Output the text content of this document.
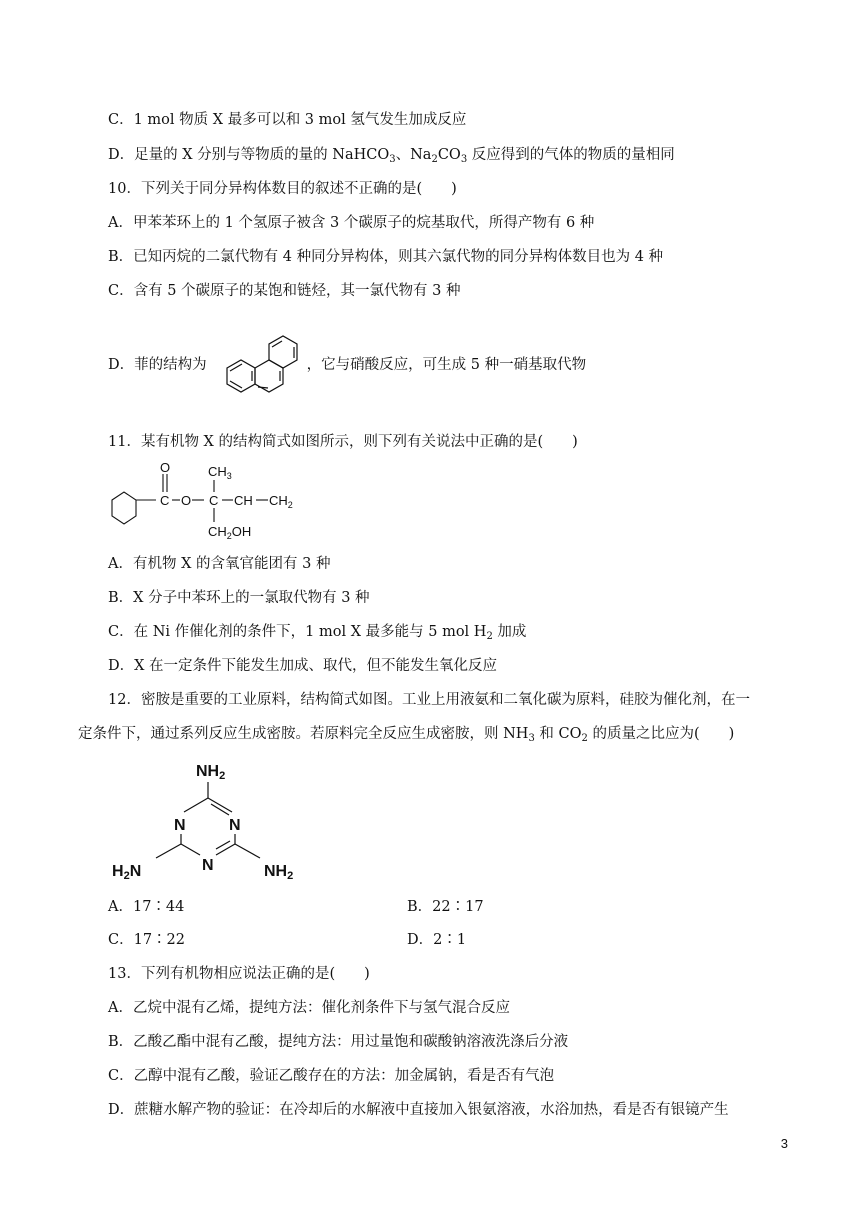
C．1 mol 物质 X 最多可以和 3 mol 氢气发生加成反应
D．足量的 X 分别与等物质的量的 NaHCO$_3$、$Na_2CO_3$ 反应得到的气体的物质的量相同
10．下列关于同分异构体数目的叙述不正确的是(　　)
A．甲苯苯环上的 1 个氢原子被含 3 个碳原子的烷基取代，所得产物有 6 种
B．已知丙烷的二氯代物有 4 种同分异构体，则其六氯代物的同分异构体数目也为 4 种
C．含有 5 个碳原子的某饱和链烃，其一氯代物有 3 种
D．菲的结构为	，它与硝酸反应，可生成 5 种一硝基取代物
11．某有机物 X 的结构简式如图所示，则下列有关说法中正确的是(　　)
O
C O C
$CH_3$
CH $CH_2$
$CH_2OH$
A．有机物 X 的含氧官能团有 3 种
B．X 分子中苯环上的一氯取代物有 3 种
C．在 Ni 作催化剂的条件下，1 mol X 最多能与 5 mol $H_2$ 加成
D．X 在一定条件下能发生加成、取代，但不能发生氧化反应
12．密胺是重要的工业原料，结构简式如图。工业上用液氨和二氧化碳为原料，硅胶为催化剂，在一
定条件下，通过系列反应生成密胺。若原料完全反应生成密胺，则 $NH_3$ 和 $CO_2$ 的质量之比应为(　　)
NH2
N	N
N
H2N	NH2
A．17∶44	B．22∶17
C．17∶22	D．2∶1
13．下列有机物相应说法正确的是(　　)
A．乙烷中混有乙烯，提纯方法：催化剂条件下与氢气混合反应
B．乙酸乙酯中混有乙酸，提纯方法：用过量饱和碳酸钠溶液洗涤后分液
C．乙醇中混有乙酸，验证乙酸存在的方法：加金属钠，看是否有气泡
D．蔗糖水解产物的验证：在冷却后的水解液中直接加入银氨溶液，水浴加热，看是否有银镜产生
3
